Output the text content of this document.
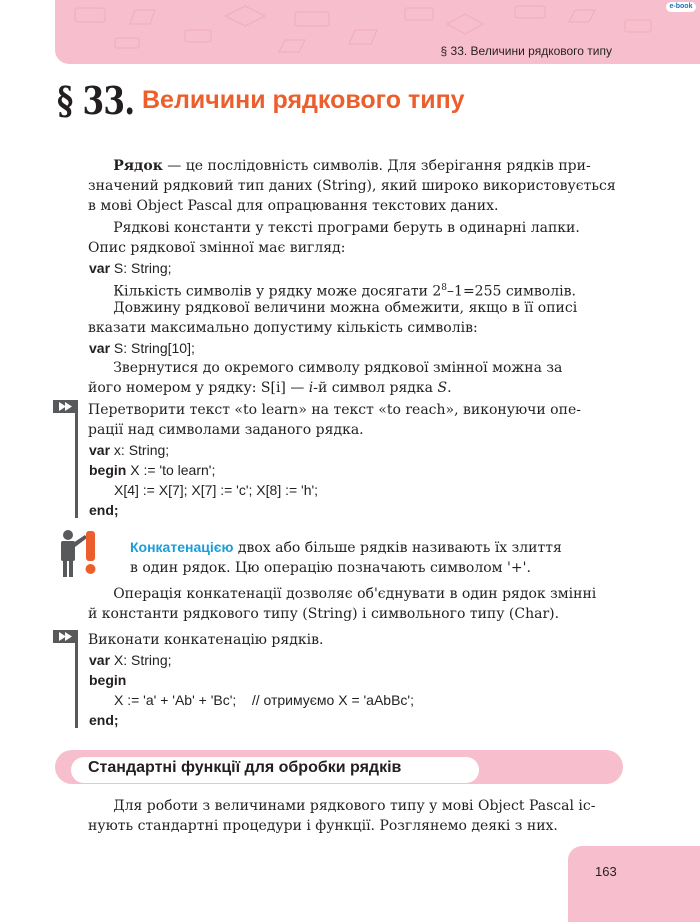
e-book
§ 33. Величини рядкового типу
§ 33. Величини рядкового типу

Рядок — це послідовність символів. Для зберігання рядків при-
значений рядковий тип даних (String), який широко використовується
в мові Object Pascal для опрацювання текстових даних.

Рядкові константи у тексті програми беруть в одинарні лапки.
Опис рядкової змінної має вигляд:

var S: String;

Кількість символів у рядку може досягати $2^8-1=255$ символів.

Довжину рядкової величини можна обмежити, якщо в її описі
вказати максимально допустиму кількість символів:

var S: String[10];

Звернутися до окремого символу рядкової змінної можна за
його номером у рядку: S[i] — i-й символ рядка S.

Перетворити текст «to learn» на текст «to reach», виконуючи опе-
рації над символами заданого рядка.

var x: String;
begin X := 'to learn';
X[4] := X[7]; X[7] := 'c'; X[8] := 'h';
end;

Конкатенацією двох або більше рядків називають їх злиття
в один рядок. Цю операцію позначають символом '+'.

Операція конкатенації дозволяє об'єднувати в один рядок змінні
й константи рядкового типу (String) і символьного типу (Char).

Виконати конкатенацію рядків.

var X: String;
begin
X := 'a' + 'Ab' + 'Bc';    // отримуємо X = 'aAbBc';
end;
Стандартні функції для обробки рядків

Для роботи з величинами рядкового типу у мові Object Pascal іс-
нують стандартні процедури і функції. Розглянемо деякі з них.

163
